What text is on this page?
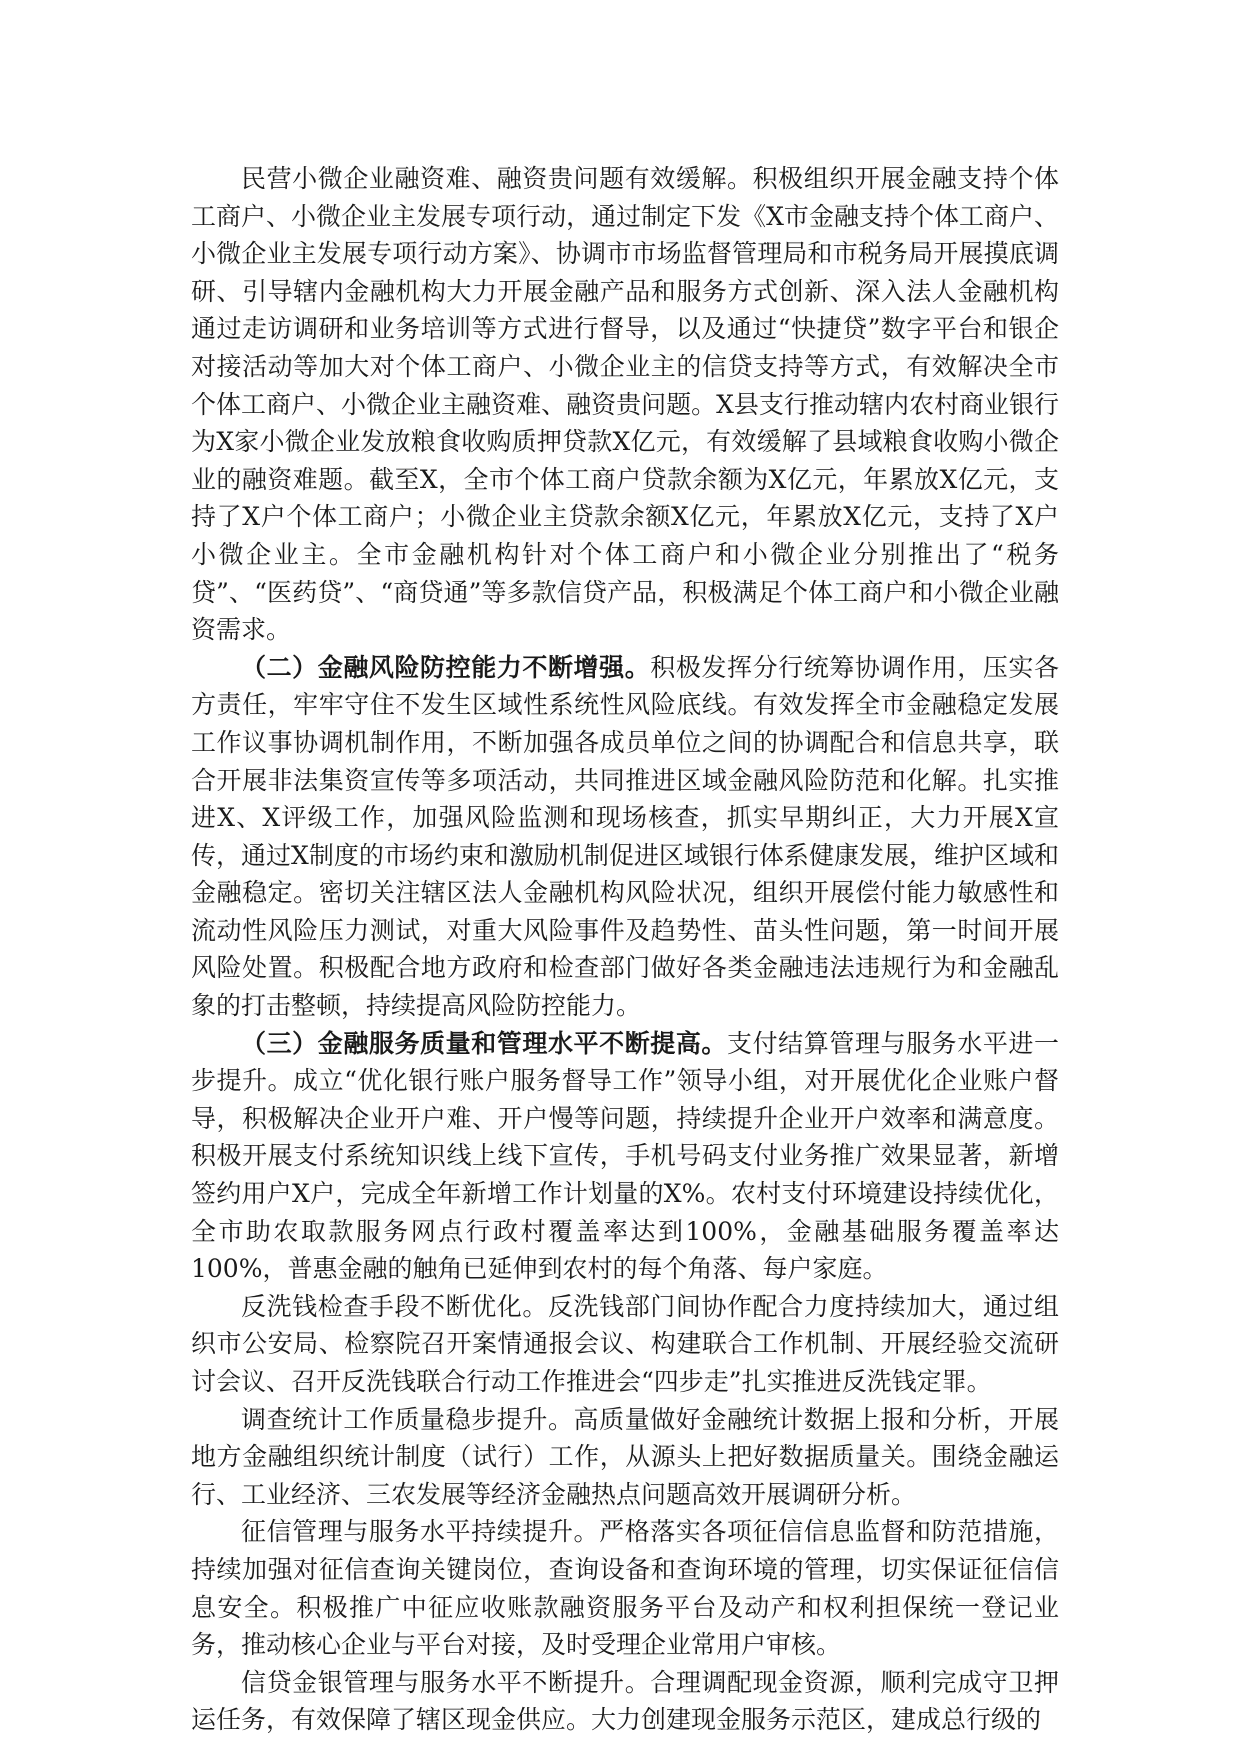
民营小微企业融资难、融资贵问题有效缓解。积极组织开展金融支持个体工商户、小微企业主发展专项行动，通过制定下发《X市金融支持个体工商户、小微企业主发展专项行动方案》、协调市市场监督管理局和市税务局开展摸底调研、引导辖内金融机构大力开展金融产品和服务方式创新、深入法人金融机构通过走访调研和业务培训等方式进行督导，以及通过“快捷贷”数字平台和银企对接活动等加大对个体工商户、小微企业主的信贷支持等方式，有效解决全市个体工商户、小微企业主融资难、融资贵问题。X县支行推动辖内农村商业银行为X家小微企业发放粮食收购质押贷款X亿元，有效缓解了县域粮食收购小微企业的融资难题。截至X，全市个体工商户贷款余额为X亿元，年累放X亿元，支持了X户个体工商户；小微企业主贷款余额X亿元，年累放X亿元，支持了X户小微企业主。全市金融机构针对个体工商户和小微企业分别推出了“税务贷”、“医药贷”、“商贷通”等多款信贷产品，积极满足个体工商户和小微企业融资需求。

（二）金融风险防控能力不断增强。积极发挥分行统筹协调作用，压实各方责任，牢牢守住不发生区域性系统性风险底线。有效发挥全市金融稳定发展工作议事协调机制作用，不断加强各成员单位之间的协调配合和信息共享，联合开展非法集资宣传等多项活动，共同推进区域金融风险防范和化解。扎实推进X、X评级工作，加强风险监测和现场核查，抓实早期纠正，大力开展X宣传，通过X制度的市场约束和激励机制促进区域银行体系健康发展，维护区域和金融稳定。密切关注辖区法人金融机构风险状况，组织开展偿付能力敏感性和流动性风险压力测试，对重大风险事件及趋势性、苗头性问题，第一时间开展风险处置。积极配合地方政府和检查部门做好各类金融违法违规行为和金融乱象的打击整顿，持续提高风险防控能力。

（三）金融服务质量和管理水平不断提高。支付结算管理与服务水平进一步提升。成立“优化银行账户服务督导工作”领导小组，对开展优化企业账户督导，积极解决企业开户难、开户慢等问题，持续提升企业开户效率和满意度。积极开展支付系统知识线上线下宣传，手机号码支付业务推广效果显著，新增签约用户X户，完成全年新增工作计划量的X%。农村支付环境建设持续优化，全市助农取款服务网点行政村覆盖率达到100%，金融基础服务覆盖率达100%，普惠金融的触角已延伸到农村的每个角落、每户家庭。

反洗钱检查手段不断优化。反洗钱部门间协作配合力度持续加大，通过组织市公安局、检察院召开案情通报会议、构建联合工作机制、开展经验交流研讨会议、召开反洗钱联合行动工作推进会“四步走”扎实推进反洗钱定罪。

调查统计工作质量稳步提升。高质量做好金融统计数据上报和分析，开展地方金融组织统计制度（试行）工作，从源头上把好数据质量关。围绕金融运行、工业经济、三农发展等经济金融热点问题高效开展调研分析。

征信管理与服务水平持续提升。严格落实各项征信信息监督和防范措施，持续加强对征信查询关键岗位，查询设备和查询环境的管理，切实保证征信信息安全。积极推广中征应收账款融资服务平台及动产和权利担保统一登记业务，推动核心企业与平台对接，及时受理企业常用户审核。

信贷金银管理与服务水平不断提升。合理调配现金资源，顺利完成守卫押运任务，有效保障了辖区现金供应。大力创建现金服务示范区，建成总行级的
